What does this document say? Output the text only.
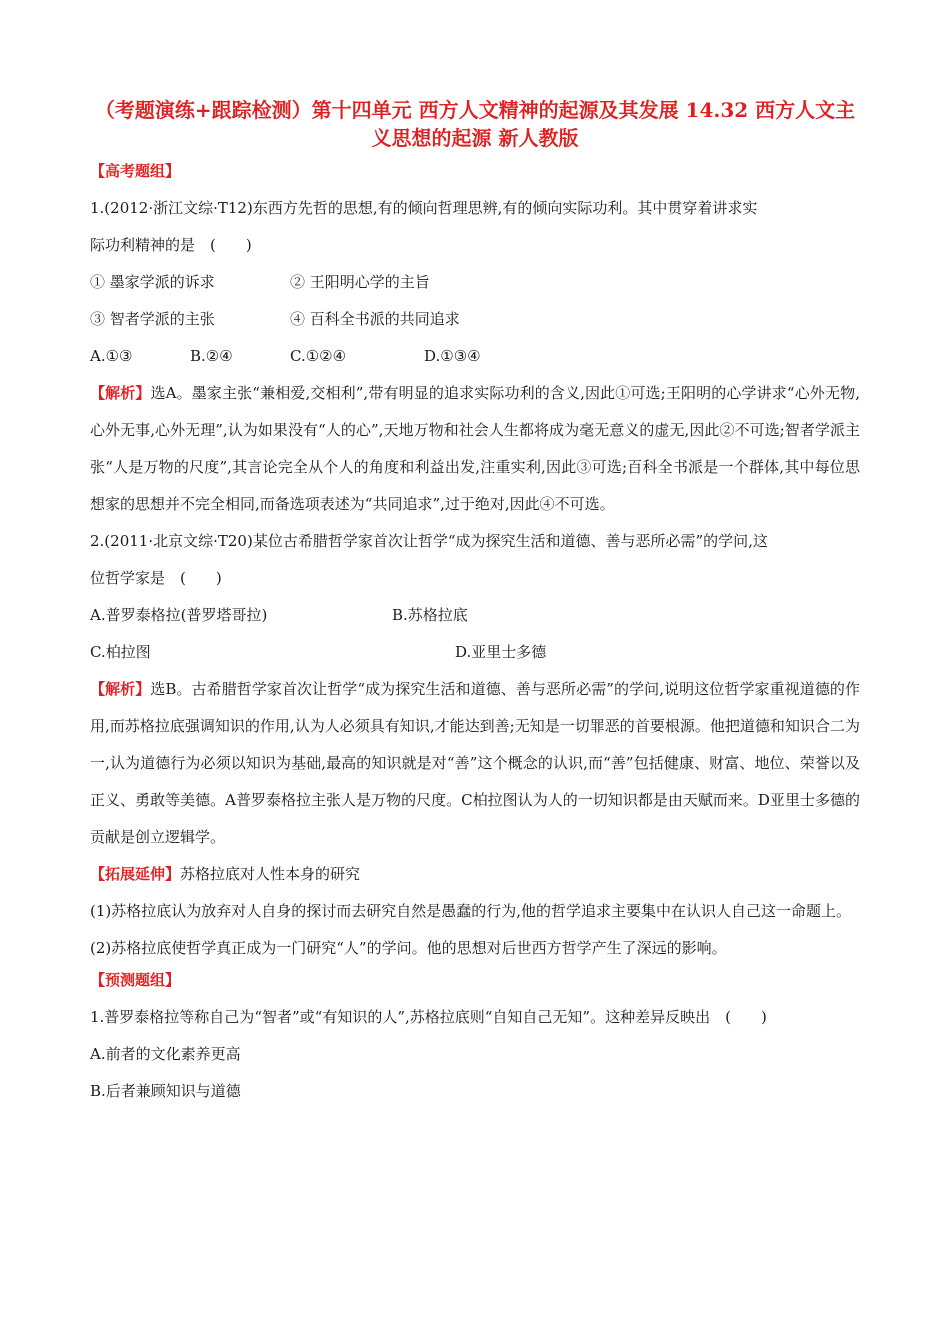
（考题演练+跟踪检测）第十四单元 西方人文精神的起源及其发展 14.32 西方人文主义思想的起源 新人教版
【高考题组】

1.(2012·浙江文综·T12)东西方先哲的思想,有的倾向哲理思辨,有的倾向实际功利。其中贯穿着讲求实

际功利精神的是　(　　)

① 墨家学派的诉求	② 王阳明心学的主旨
③ 智者学派的主张	④ 百科全书派的共同追求
A.①③	B.②④	C.①②④	D.①③④

【解析】选A。墨家主张“兼相爱,交相利”,带有明显的追求实际功利的含义,因此①可选;王阳明的心学讲求“心外无物,心外无事,心外无理”,认为如果没有“人的心”,天地万物和社会人生都将成为毫无意义的虚无,因此②不可选;智者学派主张“人是万物的尺度”,其言论完全从个人的角度和利益出发,注重实利,因此③可选;百科全书派是一个群体,其中每位思想家的思想并不完全相同,而备选项表述为“共同追求”,过于绝对,因此④不可选。

2.(2011·北京文综·T20)某位古希腊哲学家首次让哲学“成为探究生活和道德、善与恶所必需”的学问,这

位哲学家是　(　　)

A.普罗泰格拉(普罗塔哥拉)	B.苏格拉底
C.柏拉图	D.亚里士多德

【解析】选B。古希腊哲学家首次让哲学“成为探究生活和道德、善与恶所必需”的学问,说明这位哲学家重视道德的作用,而苏格拉底强调知识的作用,认为人必须具有知识,才能达到善;无知是一切罪恶的首要根源。他把道德和知识合二为一,认为道德行为必须以知识为基础,最高的知识就是对“善”这个概念的认识,而“善”包括健康、财富、地位、荣誉以及正义、勇敢等美德。A普罗泰格拉主张人是万物的尺度。C柏拉图认为人的一切知识都是由天赋而来。D亚里士多德的贡献是创立逻辑学。

【拓展延伸】苏格拉底对人性本身的研究

(1)苏格拉底认为放弃对人自身的探讨而去研究自然是愚蠢的行为,他的哲学追求主要集中在认识人自己这一命题上。

(2)苏格拉底使哲学真正成为一门研究“人”的学问。他的思想对后世西方哲学产生了深远的影响。

【预测题组】

1.普罗泰格拉等称自己为“智者”或“有知识的人”,苏格拉底则“自知自己无知”。这种差异反映出　(　　)

A.前者的文化素养更高

B.后者兼顾知识与道德
